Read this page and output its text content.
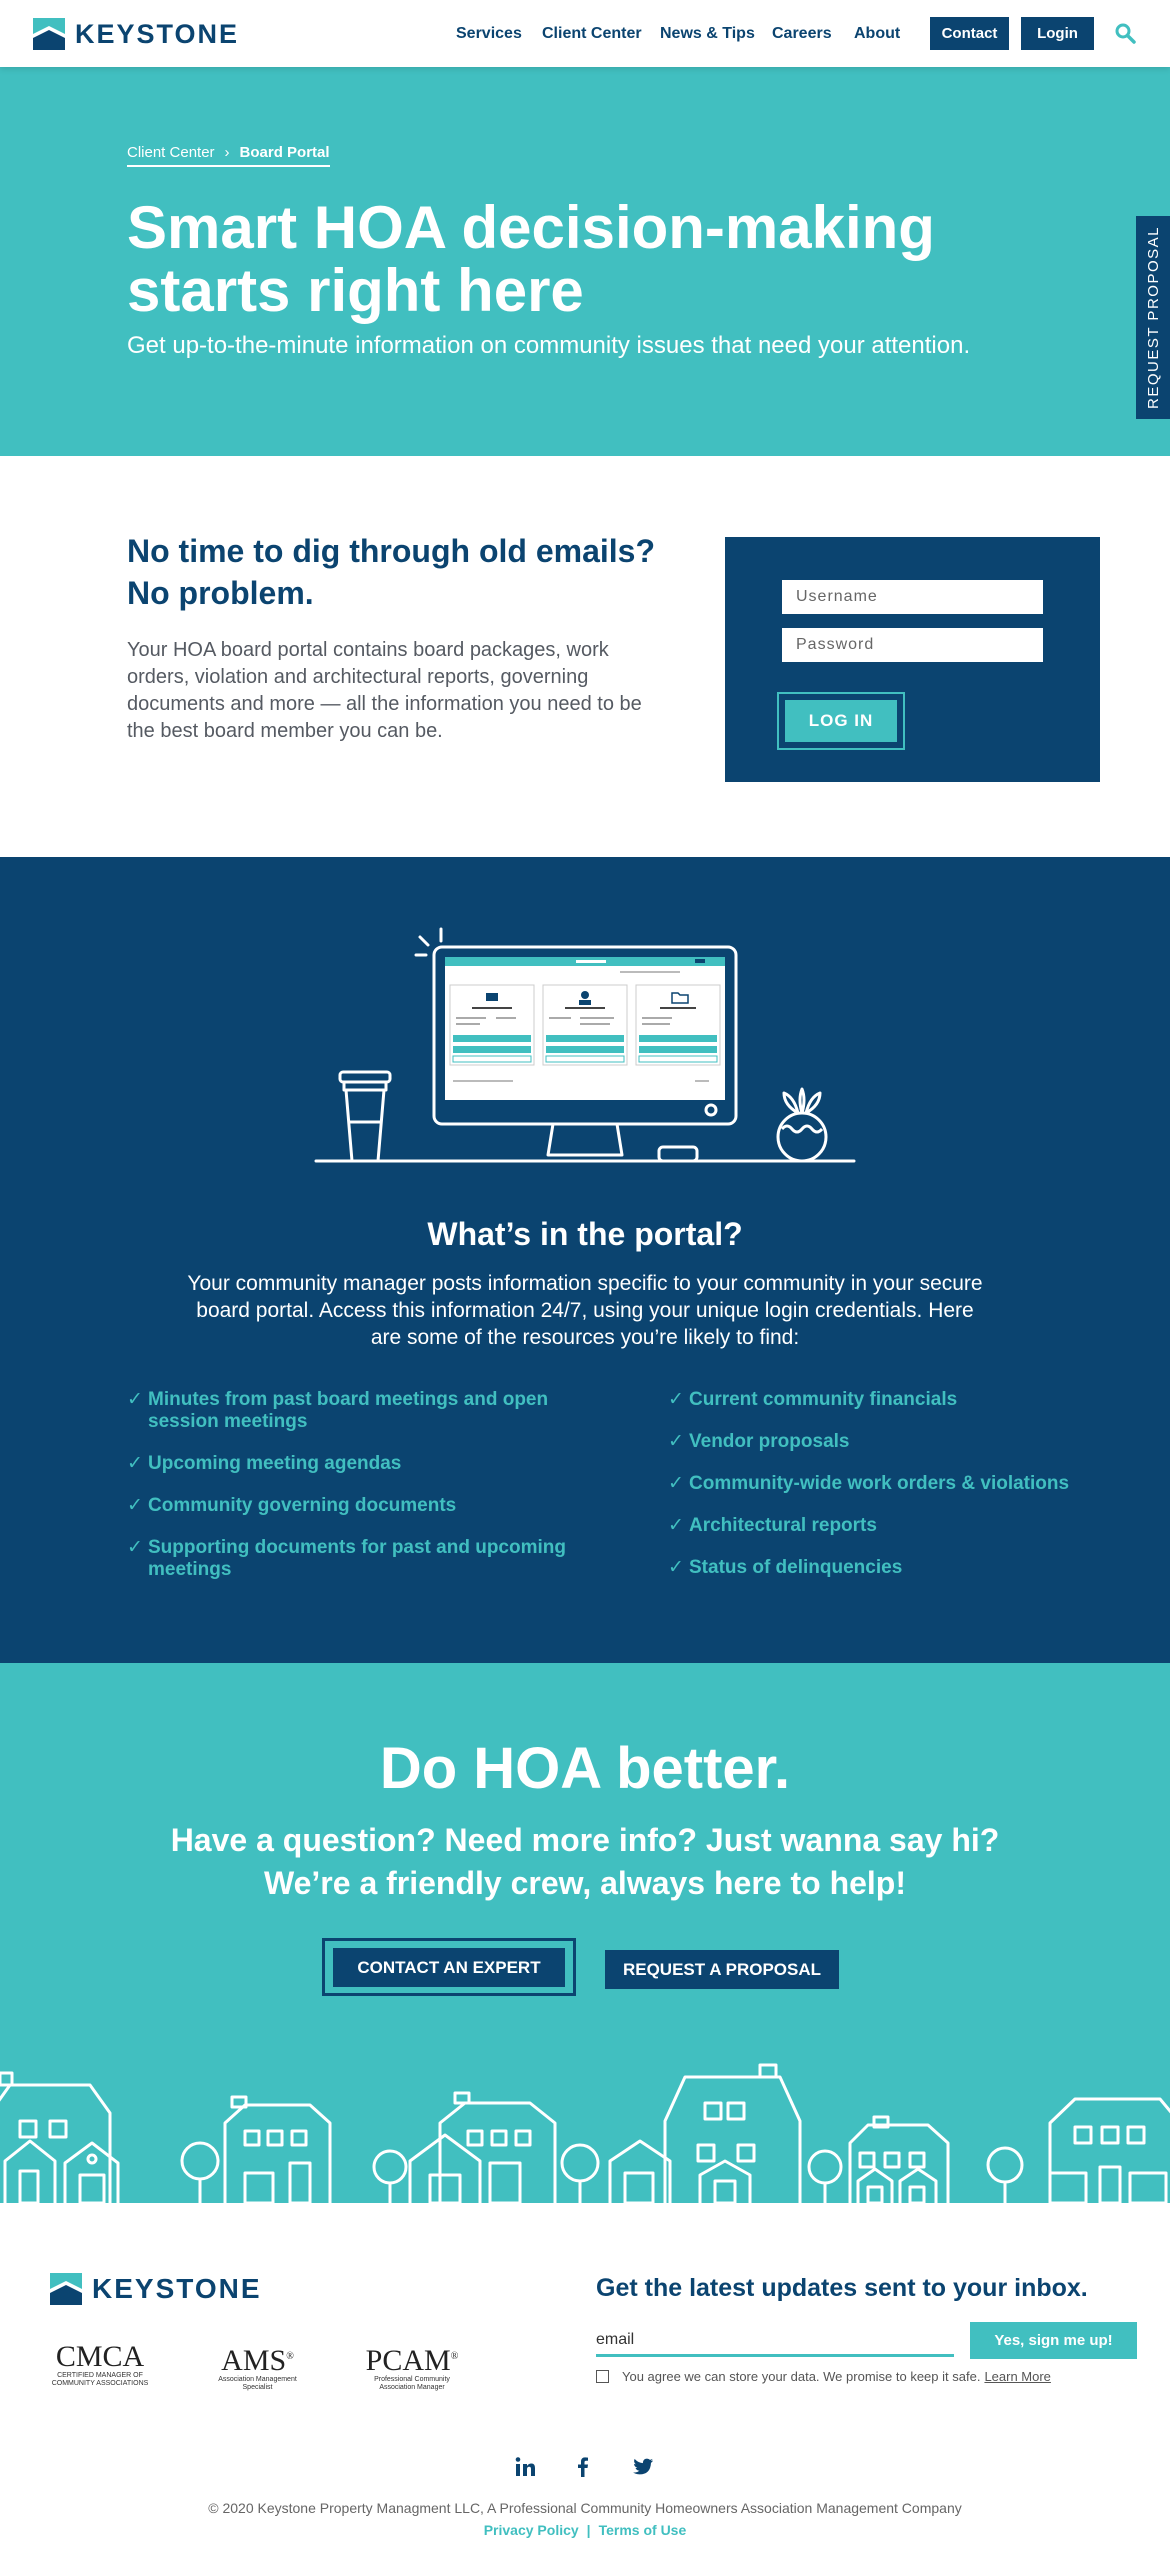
KEYSTONE	Services Client Center News & Tips Careers About	Contact	Login
Client Center › Board Portal
Smart HOA decision-making starts right here

Get up-to-the-minute information on community issues that need your attention.	REQUEST PROPOSAL
No time to dig through old emails? No problem.

Your HOA board portal contains board packages, work orders, violation and architectural reports, governing documents and more — all the information you need to be the best board member you can be.

Username	LOG IN
What’s in the portal?

Your community manager posts information specific to your community in your secure board portal. Access this information 24/7, using your unique login credentials. Here are some of the resources you’re likely to find:

✓ Minutes from past board meetings and open session meetings
✓ Upcoming meeting agendas
✓ Community governing documents
✓ Supporting documents for past and upcoming meetings
✓ Current community financials
✓ Vendor proposals
✓ Community-wide work orders & violations
✓ Architectural reports
✓ Status of delinquencies
Do HOA better.

Have a question? Need more info? Just wanna say hi? We’re a friendly crew, always here to help!

CONTACT AN EXPERT	REQUEST A PROPOSAL
KEYSTONE
CMCA
CERTIFIED MANAGER OF COMMUNITY ASSOCIATIONS
AMS®
Association Management Specialist
PCAM®
Professional Community Association Manager
Get the latest updates sent to your inbox.
email
Yes, sign me up!
You agree we can store your data. We promise to keep it safe. Learn More

© 2020 Keystone Property Managment LLC, A Professional Community Homeowners Association Management Company

Privacy Policy | Terms of Use
